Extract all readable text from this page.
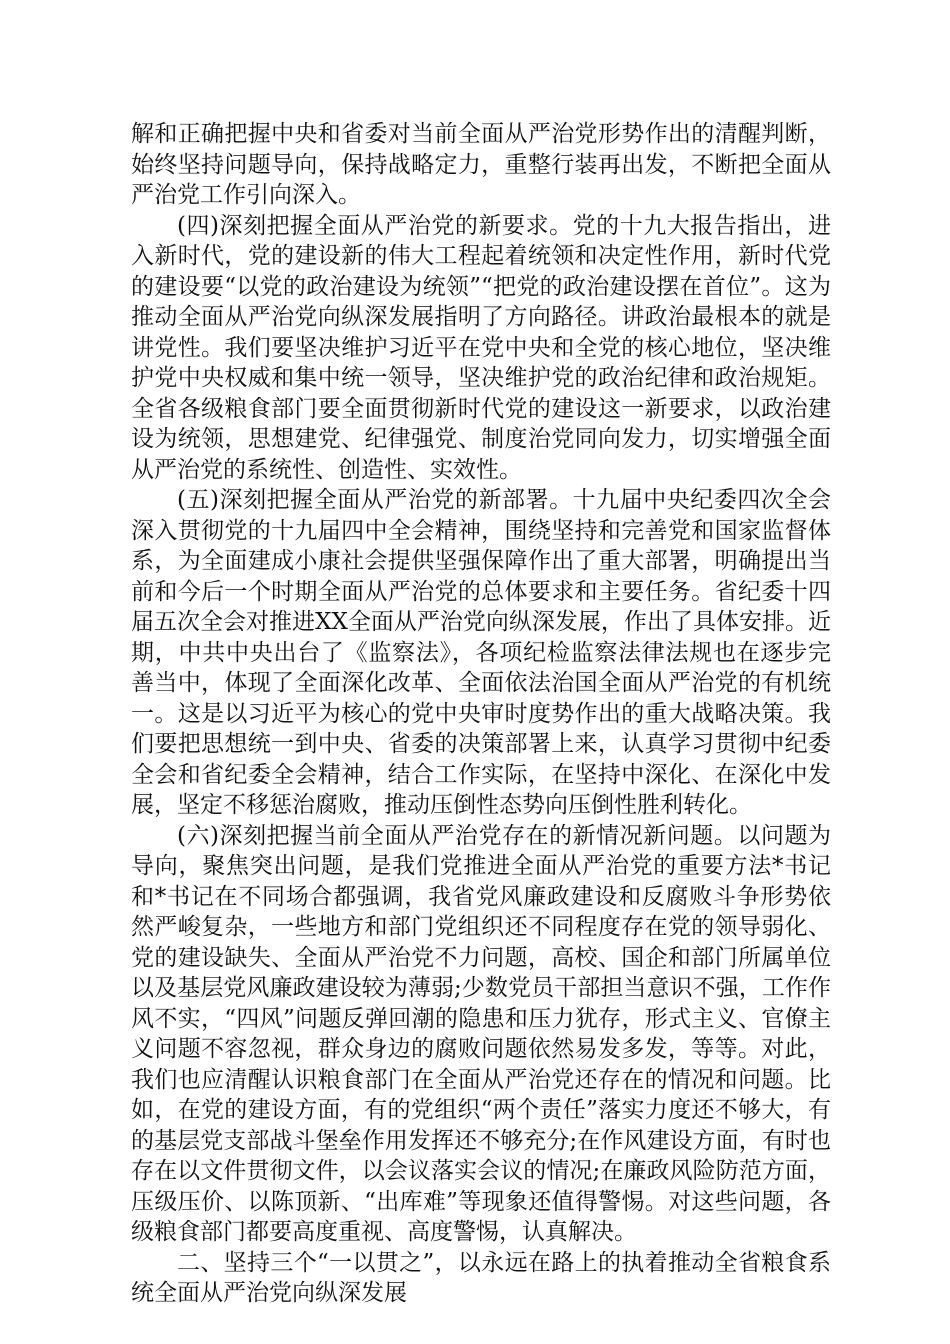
解和正确把握中央和省委对当前全面从严治党形势作出的清醒判断，始终坚持问题导向，保持战略定力，重整行装再出发，不断把全面从严治党工作引向深入。

(四)深刻把握全面从严治党的新要求。党的十九大报告指出，进入新时代，党的建设新的伟大工程起着统领和决定性作用，新时代党的建设要“以党的政治建设为统领”“把党的政治建设摆在首位”。这为推动全面从严治党向纵深发展指明了方向路径。讲政治最根本的就是讲党性。我们要坚决维护习近平在党中央和全党的核心地位，坚决维护党中央权威和集中统一领导，坚决维护党的政治纪律和政治规矩。全省各级粮食部门要全面贯彻新时代党的建设这一新要求，以政治建设为统领，思想建党、纪律强党、制度治党同向发力，切实增强全面从严治党的系统性、创造性、实效性。

(五)深刻把握全面从严治党的新部署。十九届中央纪委四次全会深入贯彻党的十九届四中全会精神，围绕坚持和完善党和国家监督体系，为全面建成小康社会提供坚强保障作出了重大部署，明确提出当前和今后一个时期全面从严治党的总体要求和主要任务。省纪委十四届五次全会对推进XX全面从严治党向纵深发展，作出了具体安排。近期，中共中央出台了《监察法》，各项纪检监察法律法规也在逐步完善当中，体现了全面深化改革、全面依法治国全面从严治党的有机统一。这是以习近平为核心的党中央审时度势作出的重大战略决策。我们要把思想统一到中央、省委的决策部署上来，认真学习贯彻中纪委全会和省纪委全会精神，结合工作实际，在坚持中深化、在深化中发展，坚定不移惩治腐败，推动压倒性态势向压倒性胜利转化。

(六)深刻把握当前全面从严治党存在的新情况新问题。以问题为导向，聚焦突出问题，是我们党推进全面从严治党的重要方法*书记和*书记在不同场合都强调，我省党风廉政建设和反腐败斗争形势依然严峻复杂，一些地方和部门党组织还不同程度存在党的领导弱化、党的建设缺失、全面从严治党不力问题，高校、国企和部门所属单位以及基层党风廉政建设较为薄弱;少数党员干部担当意识不强，工作作风不实，“四风”问题反弹回潮的隐患和压力犹存，形式主义、官僚主义问题不容忽视，群众身边的腐败问题依然易发多发，等等。对此，我们也应清醒认识粮食部门在全面从严治党还存在的情况和问题。比如，在党的建设方面，有的党组织“两个责任”落实力度还不够大，有的基层党支部战斗堡垒作用发挥还不够充分;在作风建设方面，有时也存在以文件贯彻文件，以会议落实会议的情况;在廉政风险防范方面，压级压价、以陈顶新、“出库难”等现象还值得警惕。对这些问题，各级粮食部门都要高度重视、高度警惕，认真解决。

二、坚持三个“一以贯之”，以永远在路上的执着推动全省粮食系统全面从严治党向纵深发展
